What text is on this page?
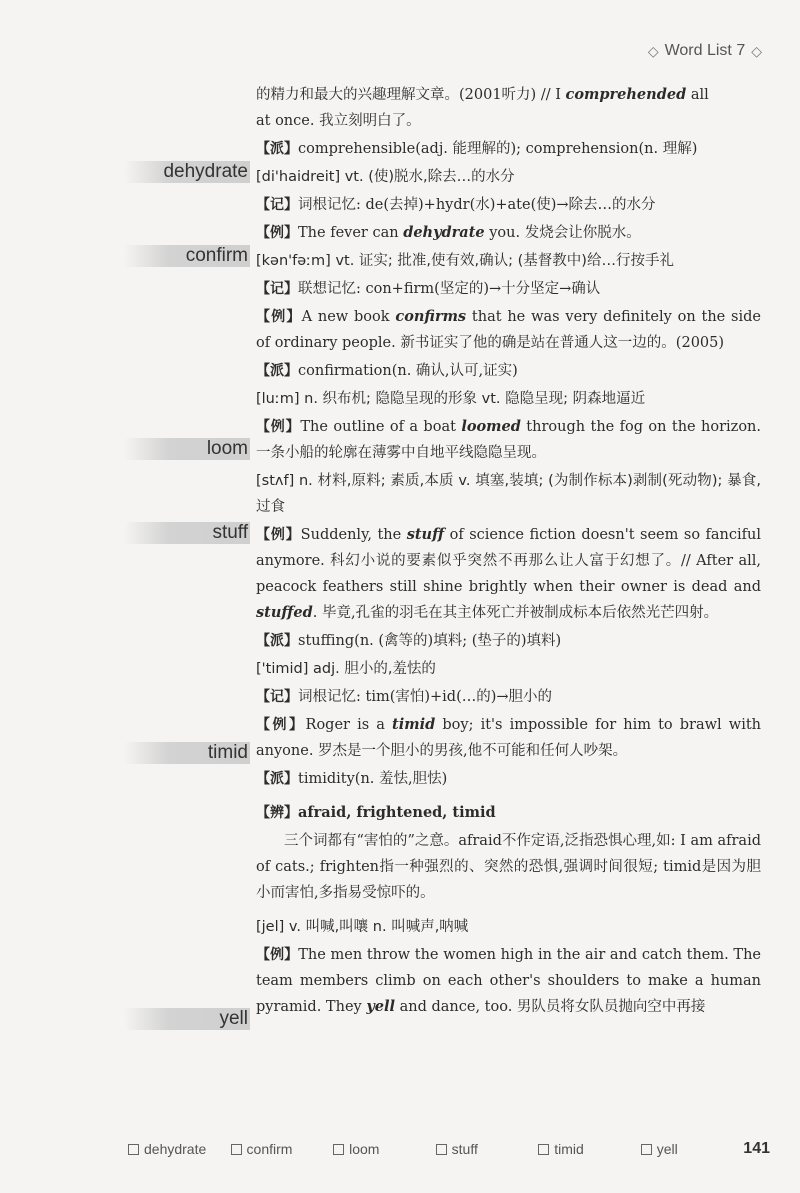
◇ Word List 7 ◇
dehydrate
confirm
loom
stuff
timid
yell
的精力和最大的兴趣理解文章。(2001听力) // I comprehended all
at once. 我立刻明白了。
【派】comprehensible(adj. 能理解的); comprehension(n. 理解)
[di'haidreit] vt. (使)脱水,除去…的水分
【记】词根记忆: de(去掉)+hydr(水)+ate(使)→除去…的水分
【例】The fever can dehydrate you. 发烧会让你脱水。
[kən'fəːm] vt. 证实; 批准,使有效,确认; (基督教中)给…行按手礼
【记】联想记忆: con+firm(坚定的)→十分坚定→确认
【例】A new book confirms that he was very definitely on the side of ordinary people. 新书证实了他的确是站在普通人这一边的。(2005)
【派】confirmation(n. 确认,认可,证实)
[luːm] n. 织布机; 隐隐呈现的形象 vt. 隐隐呈现; 阴森地逼近
【例】The outline of a boat loomed through the fog on the horizon. 一条小船的轮廓在薄雾中自地平线隐隐呈现。
[stʌf] n. 材料,原料; 素质,本质 v. 填塞,装填; (为制作标本)剥制(死动物); 暴食,过食
【例】Suddenly, the stuff of science fiction doesn't seem so fanciful anymore. 科幻小说的要素似乎突然不再那么让人富于幻想了。// After all, peacock feathers still shine brightly when their owner is dead and stuffed. 毕竟,孔雀的羽毛在其主体死亡并被制成标本后依然光芒四射。
【派】stuffing(n. (禽等的)填料; (垫子的)填料)
['timid] adj. 胆小的,羞怯的
【记】词根记忆: tim(害怕)+id(…的)→胆小的
【例】Roger is a timid boy; it's impossible for him to brawl with anyone. 罗杰是一个胆小的男孩,他不可能和任何人吵架。
【派】timidity(n. 羞怯,胆怯)
【辨】afraid, frightened, timid
三个词都有“害怕的”之意。afraid不作定语,泛指恐惧心理,如: I am afraid of cats.; frighten指一种强烈的、突然的恐惧,强调时间很短; timid是因为胆小而害怕,多指易受惊吓的。
[jel] v. 叫喊,叫嚷 n. 叫喊声,呐喊
【例】The men throw the women high in the air and catch them. The team members climb on each other's shoulders to make a human pyramid. They yell and dance, too. 男队员将女队员抛向空中再接
dehydrate	confirm	loom	stuff	timid	yell	141
